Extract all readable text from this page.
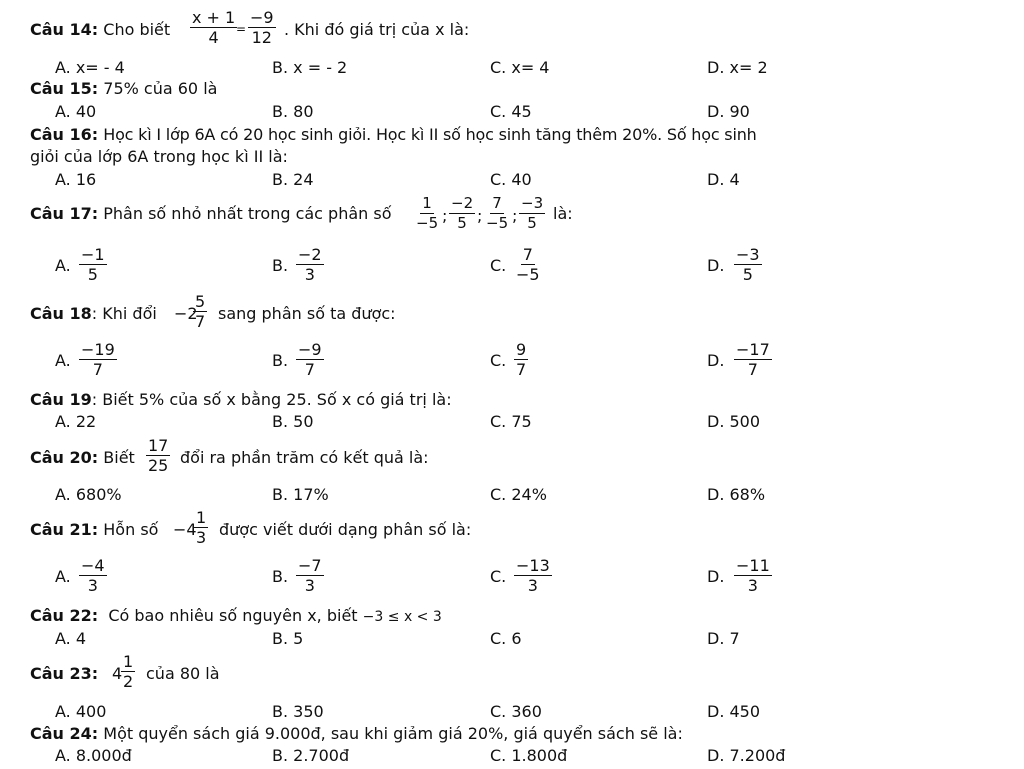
Câu 14: Cho biết $\frac{x + 1}{4}$
= $\frac{-9}{12}$ . Khi đó giá trị của x là:
A. x= - 4	B. x = - 2	C. x= 4	D. x= 2
Câu 15: 75% của 60 là
A. 40	B. 80	C. 45	D. 90
Câu 16: Học kì I lớp 6A có 20 học sinh giỏi. Học kì II số học sinh tăng thêm 20%. Số học sinh
giỏi của lớp 6A trong học kì II là:
A. 16	B. 24	C. 40	D. 4
Câu 17: Phân số nhỏ nhất trong các phân số $\frac{1}{-5}$ ; $\frac{-2}{5}$ ; $\frac{7}{-5}$ ; $\frac{-3}{5}$ là:
A. $\frac{-1}{5}$	B. $\frac{-2}{3}$	C. $\frac{7}{-5}$	D. $\frac{-3}{5}$
Câu 18: Khi đổi −2
$\frac{5}{7}$ sang phân số ta được:
A. $\frac{-19}{7}$	B. $\frac{-9}{7}$	C. $\frac{9}{7}$	D. $\frac{-17}{7}$
Câu 19: Biết 5% của số x bằng 25. Số x có giá trị là:
A. 22	B. 50	C. 75	D. 500
Câu 20: Biết $\frac{17}{25}$ đổi ra phần trăm có kết quả là:
A. 680%	B. 17%	C. 24%	D. 68%
Câu 21: Hỗn số −4
$\frac{1}{3}$ được viết dưới dạng phân số là:
A. $\frac{-4}{3}$	B. $\frac{-7}{3}$	C. $\frac{-13}{3}$	D. $\frac{-11}{3}$
Câu 22: Có bao nhiêu số nguyên x, biết −3 ≤ x < 3
A. 4	B. 5	C. 6	D. 7
Câu 23: 4
$\frac{1}{2}$ của 80 là
A. 400	B. 350	C. 360	D. 450
Câu 24: Một quyển sách giá 9.000đ, sau khi giảm giá 20%, giá quyển sách sẽ là:
A. 8.000đ	B. 2.700đ	C. 1.800đ	D. 7.200đ
